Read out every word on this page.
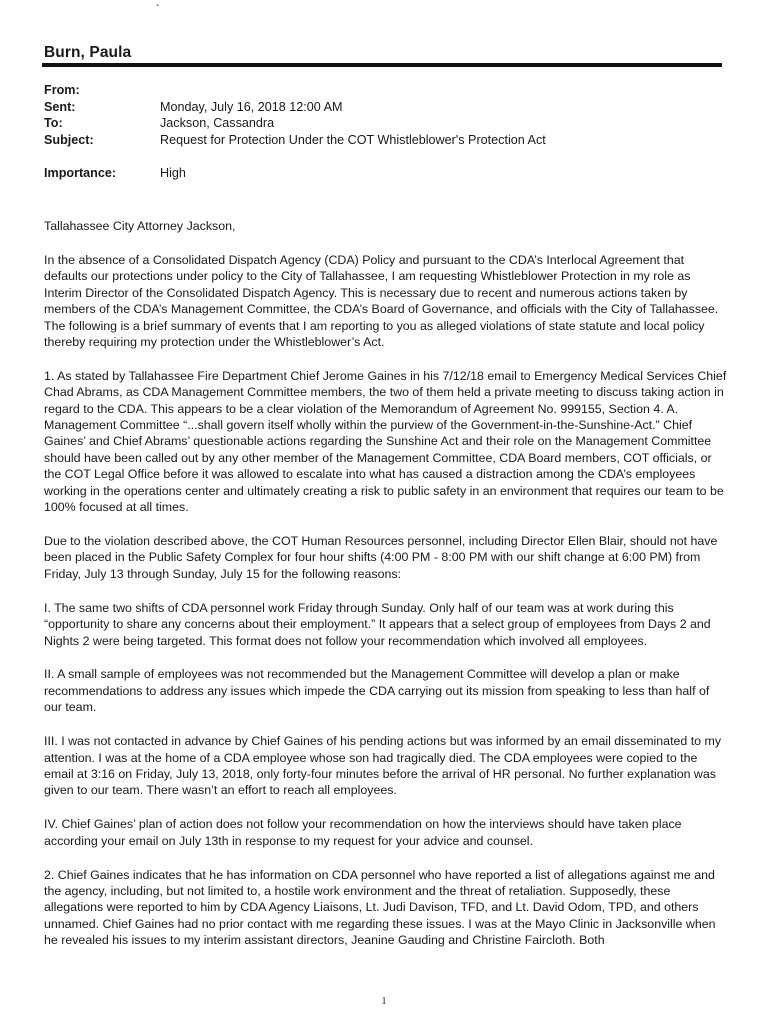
-
Burn, Paula
From:
Sent:	Monday, July 16, 2018 12:00 AM
To:	Jackson, Cassandra
Subject:	Request for Protection Under the COT Whistleblower's Protection Act
Importance:	High

Tallahassee City Attorney Jackson,

In the absence of a Consolidated Dispatch Agency (CDA) Policy and pursuant to the CDA’s Interlocal Agreement that defaults our protections under policy to the City of Tallahassee, I am requesting Whistleblower Protection in my role as Interim Director of the Consolidated Dispatch Agency. This is necessary due to recent and numerous actions taken by members of the CDA’s Management Committee, the CDA’s Board of Governance, and officials with the City of Tallahassee. The following is a brief summary of events that I am reporting to you as alleged violations of state statute and local policy thereby requiring my protection under the Whistleblower’s Act.

1. As stated by Tallahassee Fire Department Chief Jerome Gaines in his 7/12/18 email to Emergency Medical Services Chief Chad Abrams, as CDA Management Committee members, the two of them held a private meeting to discuss taking action in regard to the CDA. This appears to be a clear violation of the Memorandum of Agreement No. 999155, Section 4. A. Management Committee “...shall govern itself wholly within the purview of the Government-in-the-Sunshine-Act.” Chief Gaines’ and Chief Abrams’ questionable actions regarding the Sunshine Act and their role on the Management Committee should have been called out by any other member of the Management Committee, CDA Board members, COT officials, or the COT Legal Office before it was allowed to escalate into what has caused a distraction among the CDA’s employees working in the operations center and ultimately creating a risk to public safety in an environment that requires our team to be 100% focused at all times.

Due to the violation described above, the COT Human Resources personnel, including Director Ellen Blair, should not have been placed in the Public Safety Complex for four hour shifts (4:00 PM - 8:00 PM with our shift change at 6:00 PM) from Friday, July 13 through Sunday, July 15 for the following reasons:

I. The same two shifts of CDA personnel work Friday through Sunday. Only half of our team was at work during this “opportunity to share any concerns about their employment.” It appears that a select group of employees from Days 2 and Nights 2 were being targeted. This format does not follow your recommendation which involved all employees.

II. A small sample of employees was not recommended but the Management Committee will develop a plan or make recommendations to address any issues which impede the CDA carrying out its mission from speaking to less than half of our team.

III. I was not contacted in advance by Chief Gaines of his pending actions but was informed by an email disseminated to my attention. I was at the home of a CDA employee whose son had tragically died. The CDA employees were copied to the email at 3:16 on Friday, July 13, 2018, only forty-four minutes before the arrival of HR personal. No further explanation was given to our team. There wasn’t an effort to reach all employees.

IV. Chief Gaines’ plan of action does not follow your recommendation on how the interviews should have taken place according your email on July 13th in response to my request for your advice and counsel.

2. Chief Gaines indicates that he has information on CDA personnel who have reported a list of allegations against me and the agency, including, but not limited to, a hostile work environment and the threat of retaliation. Supposedly, these allegations were reported to him by CDA Agency Liaisons, Lt. Judi Davison, TFD, and Lt. David Odom, TPD, and others unnamed. Chief Gaines had no prior contact with me regarding these issues. I was at the Mayo Clinic in Jacksonville when he revealed his issues to my interim assistant directors, Jeanine Gauding and Christine Faircloth. Both

1
